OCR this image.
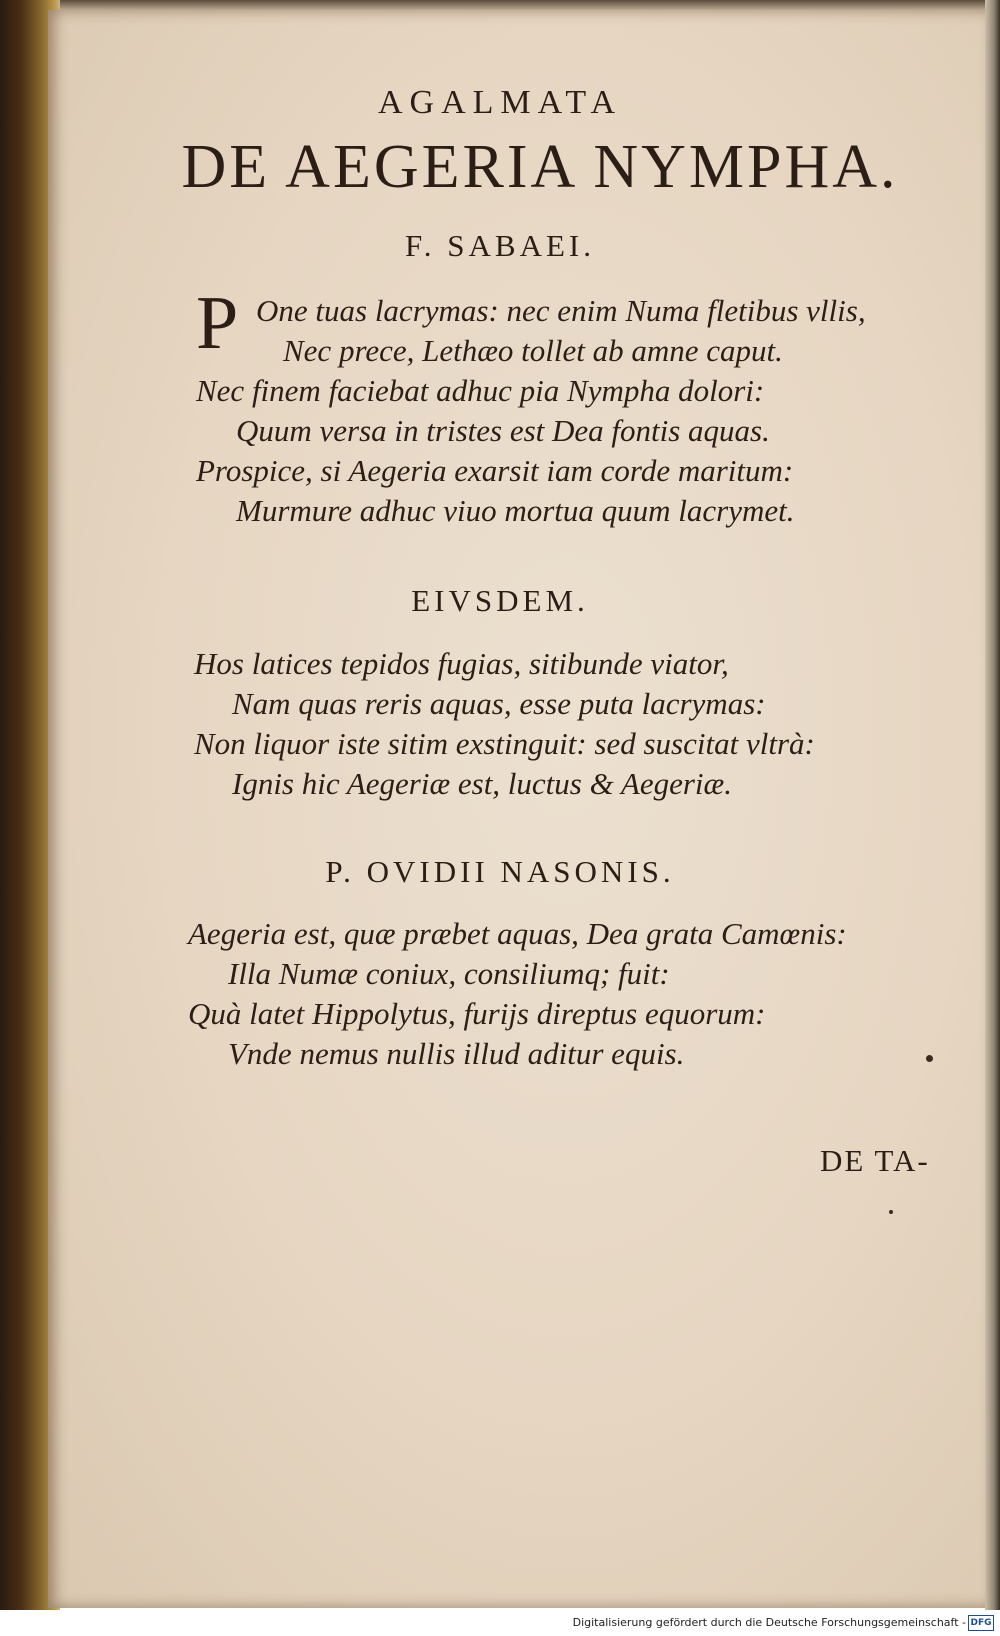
AGALMATA
DE AEGERIA NYMPHA.
F. SABAEI.
P One tuas lacrymas: nec enim Numa fletibus vllis,
Nec prece, Lethæo tollet ab amne caput.
Nec finem faciebat adhuc pia Nympha dolori:
Quum versa in tristes est Dea fontis aquas.
Prospice, si Aegeria exarsit iam corde maritum:
Murmure adhuc viuo mortua quum lacrymet.
EIVSDEM.
Hos latices tepidos fugias, sitibunde viator,
Nam quas reris aquas, esse puta lacrymas:
Non liquor iste sitim exstinguit: sed suscitat vltrà:
Ignis hic Aegeriæ est, luctus & Aegeriæ.
P. OVIDII NASONIS.
Aegeria est, quæ præbet aquas, Dea grata Camœnis:
Illa Numæ coniux, consiliumq; fuit:
Quà latet Hippolytus, furijs direptus equorum:
Vnde nemus nullis illud aditur equis.
DE TA-
Digitalisierung gefördert durch die Deutsche Forschungsgemeinschaft - DFG
